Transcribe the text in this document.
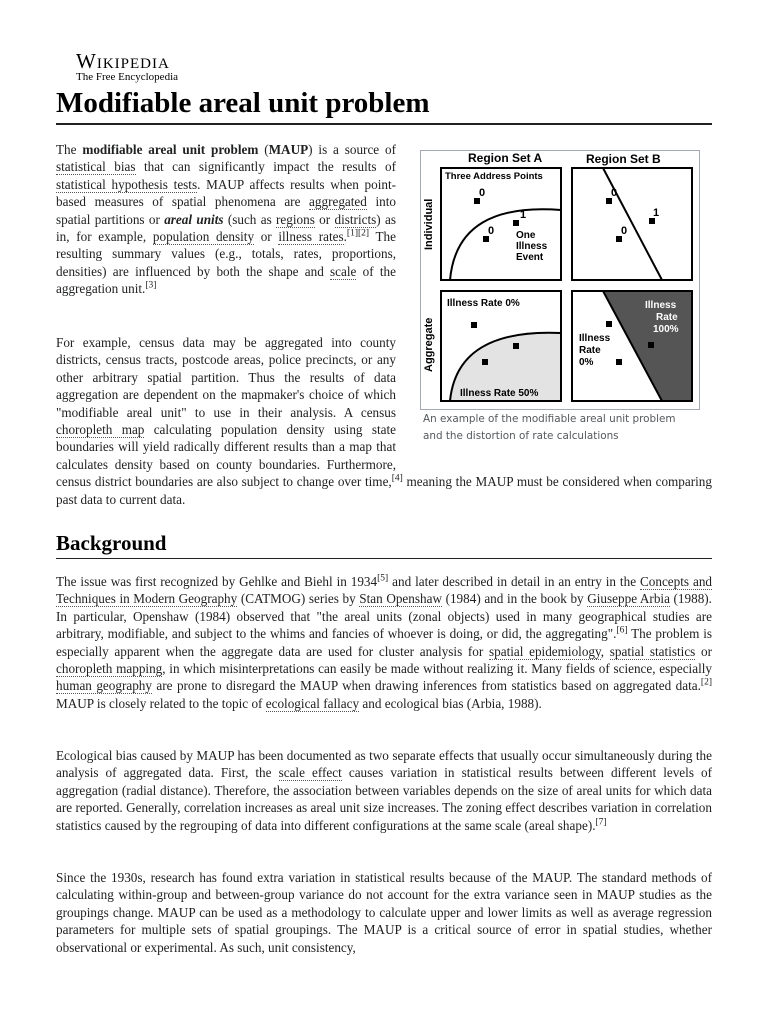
Wikipedia
The Free Encyclopedia
Modifiable areal unit problem

The modifiable areal unit problem (MAUP) is a source of statistical bias that can significantly impact the results of statistical hypothesis tests. MAUP affects results when point-based measures of spatial phenomena are aggregated into spatial partitions or areal units (such as regions or districts) as in, for example, population density or illness rates.[1][2] The resulting summary values (e.g., totals, rates, proportions, densities) are influenced by both the shape and scale of the aggregation unit.[3]

For example, census data may be aggregated into county districts, census tracts, postcode areas, police precincts, or any other arbitrary spatial partition. Thus the results of data aggregation are dependent on the mapmaker's choice of which "modifiable areal unit" to use in their analysis. A census choropleth map calculating population density using state boundaries will yield radically different results than a map that calculates density based on county boundaries. Furthermore, census district boundaries are also subject to change over time,[4] meaning the MAUP must be considered when comparing past data to current data.

Region Set A	Region Set B
Individual
Aggregate
Three Address Points
0
0
1
One
Illness
Event
0
0
1
Illness Rate 0%
Illness Rate 50%
Illness
Rate
100%
Illness
Rate
0%
An example of the modifiable areal unit problem
and the distortion of rate calculations
Background

The issue was first recognized by Gehlke and Biehl in 1934[5] and later described in detail in an entry in the Concepts and Techniques in Modern Geography (CATMOG) series by Stan Openshaw (1984) and in the book by Giuseppe Arbia (1988). In particular, Openshaw (1984) observed that "the areal units (zonal objects) used in many geographical studies are arbitrary, modifiable, and subject to the whims and fancies of whoever is doing, or did, the aggregating".[6] The problem is especially apparent when the aggregate data are used for cluster analysis for spatial epidemiology, spatial statistics or choropleth mapping, in which misinterpretations can easily be made without realizing it. Many fields of science, especially human geography are prone to disregard the MAUP when drawing inferences from statistics based on aggregated data.[2] MAUP is closely related to the topic of ecological fallacy and ecological bias (Arbia, 1988).

Ecological bias caused by MAUP has been documented as two separate effects that usually occur simultaneously during the analysis of aggregated data. First, the scale effect causes variation in statistical results between different levels of aggregation (radial distance). Therefore, the association between variables depends on the size of areal units for which data are reported. Generally, correlation increases as areal unit size increases. The zoning effect describes variation in correlation statistics caused by the regrouping of data into different configurations at the same scale (areal shape).[7]

Since the 1930s, research has found extra variation in statistical results because of the MAUP. The standard methods of calculating within-group and between-group variance do not account for the extra variance seen in MAUP studies as the groupings change. MAUP can be used as a methodology to calculate upper and lower limits as well as average regression parameters for multiple sets of spatial groupings. The MAUP is a critical source of error in spatial studies, whether observational or experimental. As such, unit consistency,
